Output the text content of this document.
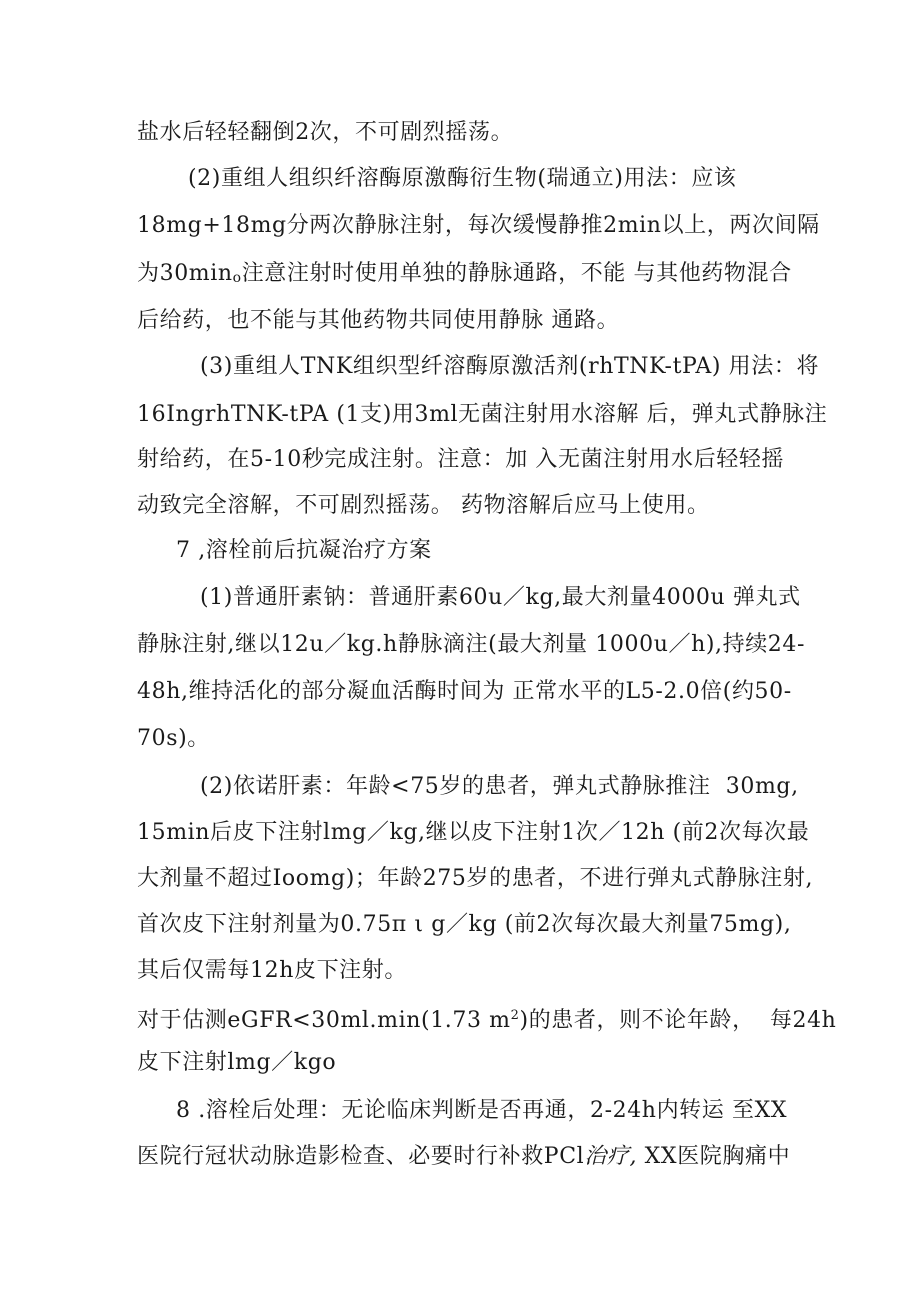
盐水后轻轻翻倒2次，不可剧烈摇荡。

(2)重组人组织纤溶酶原激酶衍生物(瑞通立)用法：应该

18mg+18mg分两次静脉注射，每次缓慢静推2min以上，两次间隔

为30mino注意注射时使用单独的静脉通路，不能 与其他药物混合

后给药，也不能与其他药物共同使用静脉 通路。

(3)重组人TNK组织型纤溶酶原激活剂(rhTNK-tPA) 用法：将

16IngrhTNK-tPA (1支)用3ml无菌注射用水溶解 后，弹丸式静脉注

射给药，在5-10秒完成注射。注意：加 入无菌注射用水后轻轻摇

动致完全溶解，不可剧烈摇荡。 药物溶解后应马上使用。

7 ,溶栓前后抗凝治疗方案

(1)普通肝素钠：普通肝素60u／kg,最大剂量4000u 弹丸式

静脉注射,继以12u／kg.h静脉滴注(最大剂量 1000u／h),持续24-

48h,维持活化的部分凝血活酶时间为 正常水平的L5-2.0倍(约50-

70s)。

(2)依诺肝素：年龄<75岁的患者，弹丸式静脉推注  30mg,

15min后皮下注射lmg／kg,继以皮下注射1次／12h (前2次每次最

大剂量不超过Ioomg)；年龄275岁的患者，不进行弹丸式静脉注射,

首次皮下注射剂量为0.75π ι g／kg (前2次每次最大剂量75mg),

其后仅需每12h皮下注射。

对于估测eGFR<30ml.min(1.73 $m^2$)的患者，则不论年龄，  每24h

皮下注射lmg／kgo

8 .溶栓后处理：无论临床判断是否再通，2-24h内转运 至XX

医院行冠状动脉造影检查、必要时行补救PCl治疗, XX医院胸痛中
